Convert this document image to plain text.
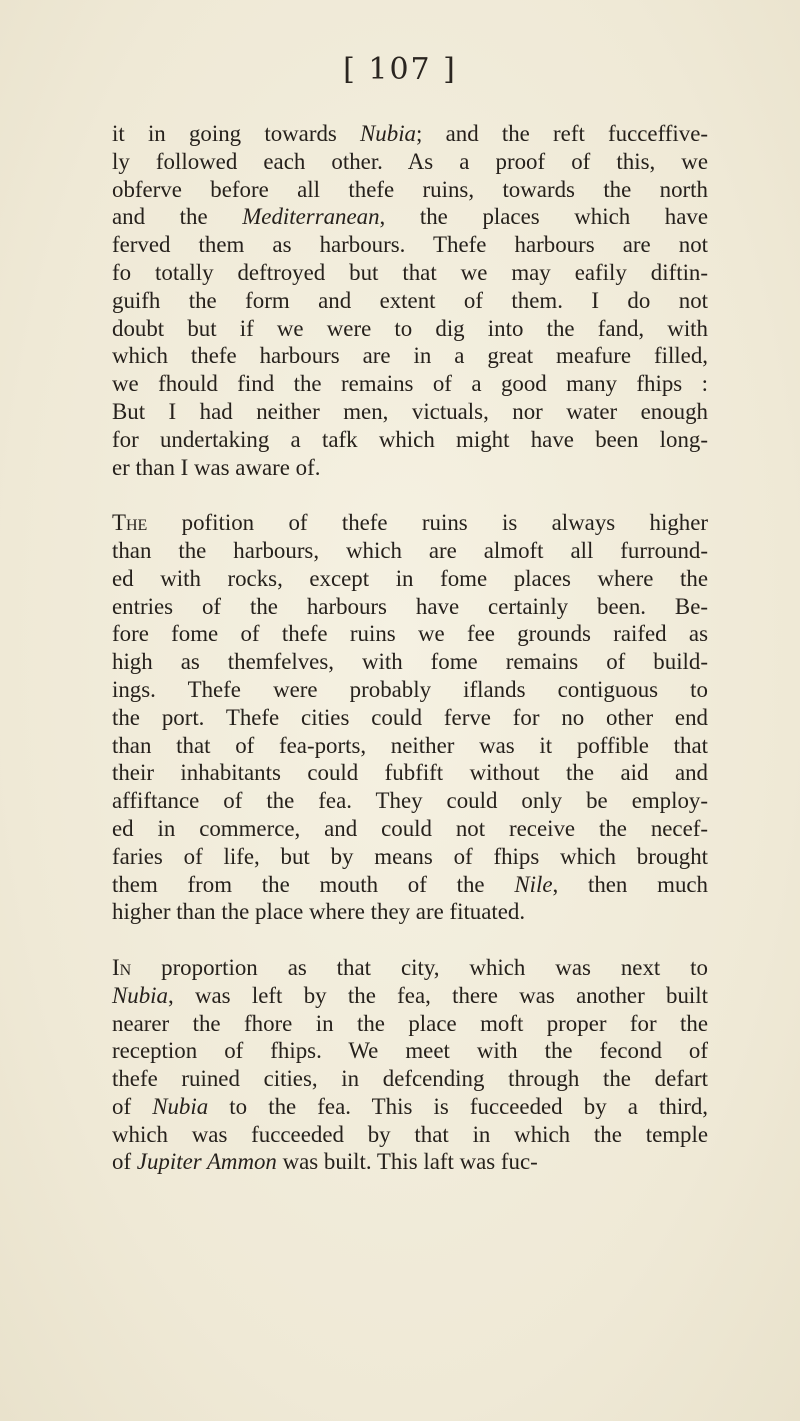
[ 107 ]

it in going towards Nubia; and the reft fucceffive-
ly followed each other. As a proof of this, we
obferve before all thefe ruins, towards the north
and the Mediterranean, the places which have
ferved them as harbours. Thefe harbours are not
fo totally deftroyed but that we may eafily diftin-
guifh the form and extent of them. I do not
doubt but if we were to dig into the fand, with
which thefe harbours are in a great meafure filled,
we fhould find the remains of a good many fhips :
But I had neither men, victuals, nor water enough
for undertaking a tafk which might have been long-
er than I was aware of.

The pofition of thefe ruins is always higher
than the harbours, which are almoft all furround-
ed with rocks, except in fome places where the
entries of the harbours have certainly been. Be-
fore fome of thefe ruins we fee grounds raifed as
high as themfelves, with fome remains of build-
ings. Thefe were probably iflands contiguous to
the port. Thefe cities could ferve for no other end
than that of fea-ports, neither was it poffible that
their inhabitants could fubfift without the aid and
affiftance of the fea. They could only be employ-
ed in commerce, and could not receive the necef-
faries of life, but by means of fhips which brought
them from the mouth of the Nile, then much
higher than the place where they are fituated.

In proportion as that city, which was next to
Nubia, was left by the fea, there was another built
nearer the fhore in the place moft proper for the
reception of fhips. We meet with the fecond of
thefe ruined cities, in defcending through the defart
of Nubia to the fea. This is fucceeded by a third,
which was fucceeded by that in which the temple
of Jupiter Ammon was built. This laft was fuc-
